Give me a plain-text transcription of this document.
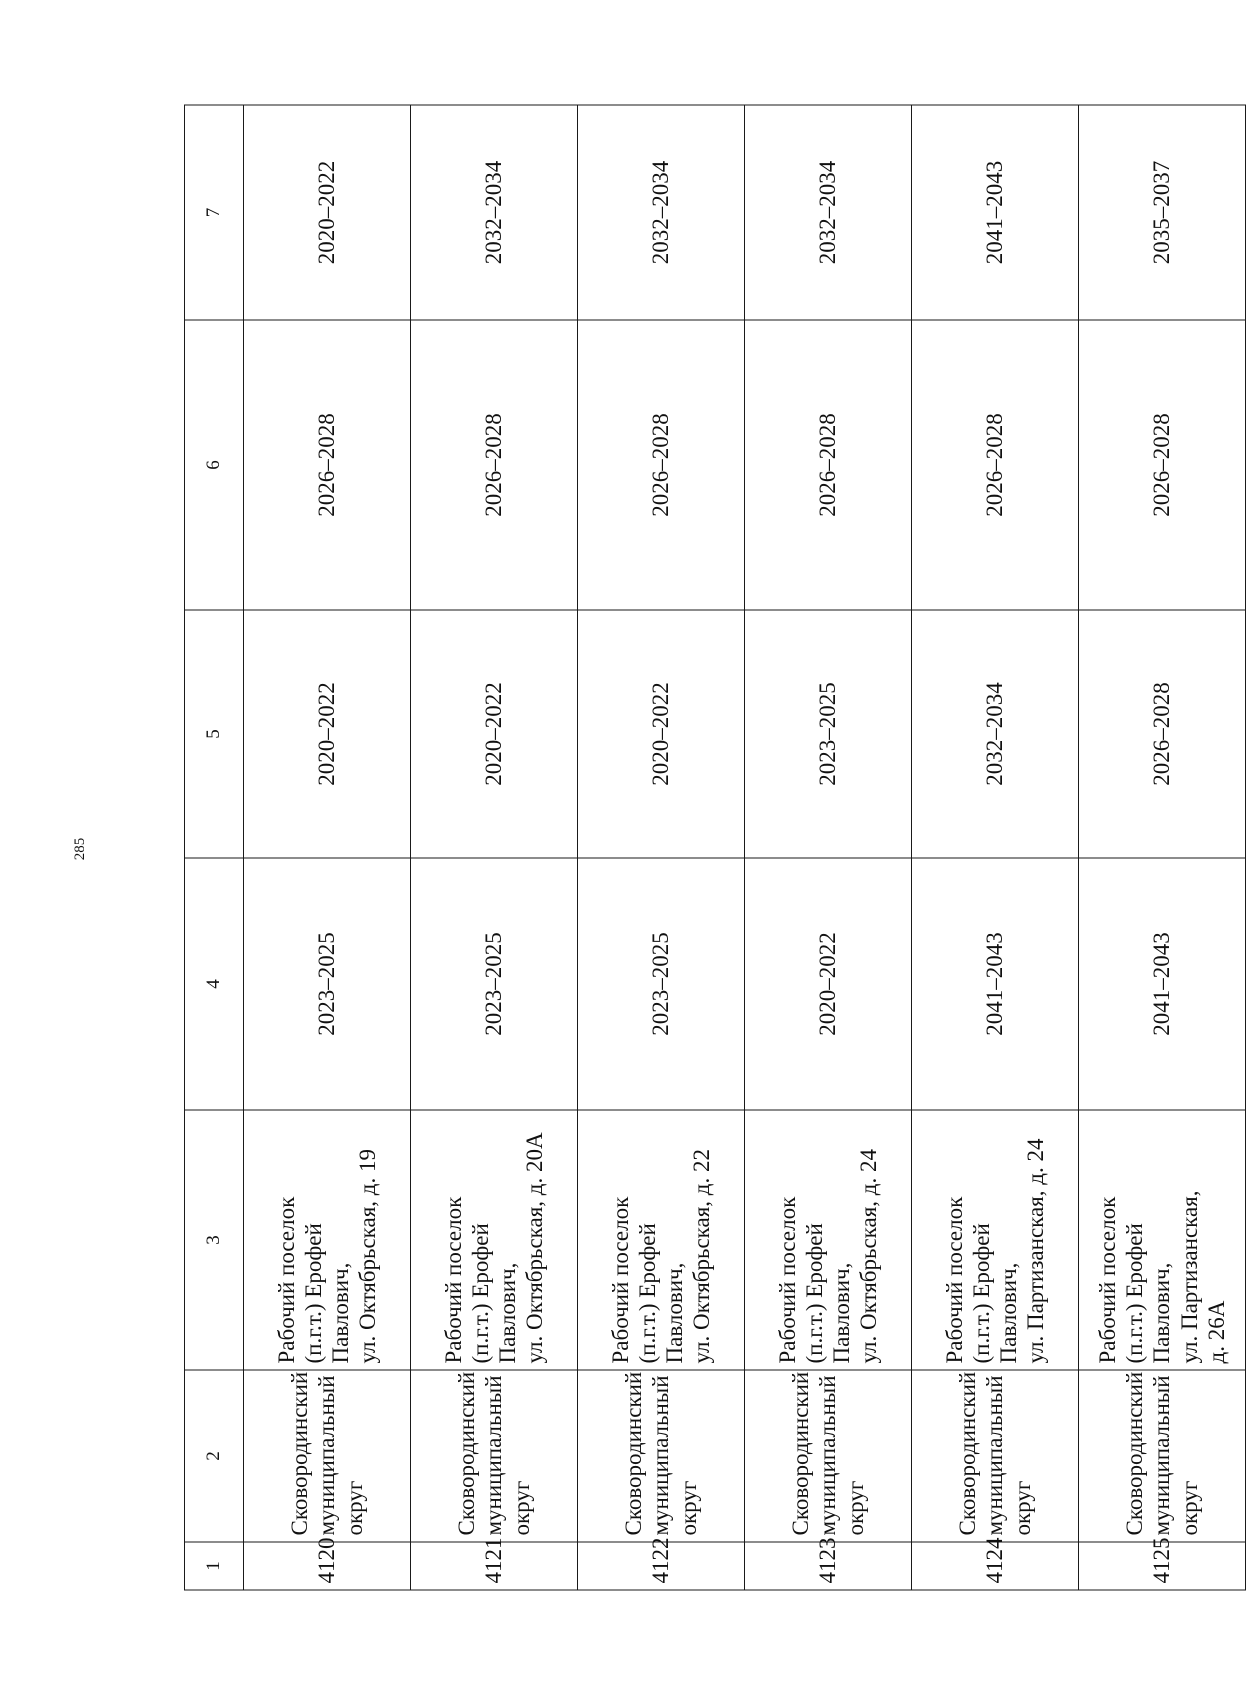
285
1	2	3	4	5	6	7
4120	Сковородинский
муниципальный
округ	Рабочий поселок
(п.г.т.) Ерофей
Павлович,
ул. Октябрьская, д. 19	2023–2025	2020–2022	2026–2028	2020–2022
4121	Сковородинский
муниципальный
округ	Рабочий поселок
(п.г.т.) Ерофей
Павлович,
ул. Октябрьская, д. 20А	2023–2025	2020–2022	2026–2028	2032–2034
4122	Сковородинский
муниципальный
округ	Рабочий поселок
(п.г.т.) Ерофей
Павлович,
ул. Октябрьская, д. 22	2023–2025	2020–2022	2026–2028	2032–2034
4123	Сковородинский
муниципальный
округ	Рабочий поселок
(п.г.т.) Ерофей
Павлович,
ул. Октябрьская, д. 24	2020–2022	2023–2025	2026–2028	2032–2034
4124	Сковородинский
муниципальный
округ	Рабочий поселок
(п.г.т.) Ерофей
Павлович,
ул. Партизанская, д. 24	2041–2043	2032–2034	2026–2028	2041–2043
4125	Сковородинский
муниципальный
округ	Рабочий поселок
(п.г.т.) Ерофей
Павлович,
ул. Партизанская,
д. 26А	2041–2043	2026–2028	2026–2028	2035–2037
